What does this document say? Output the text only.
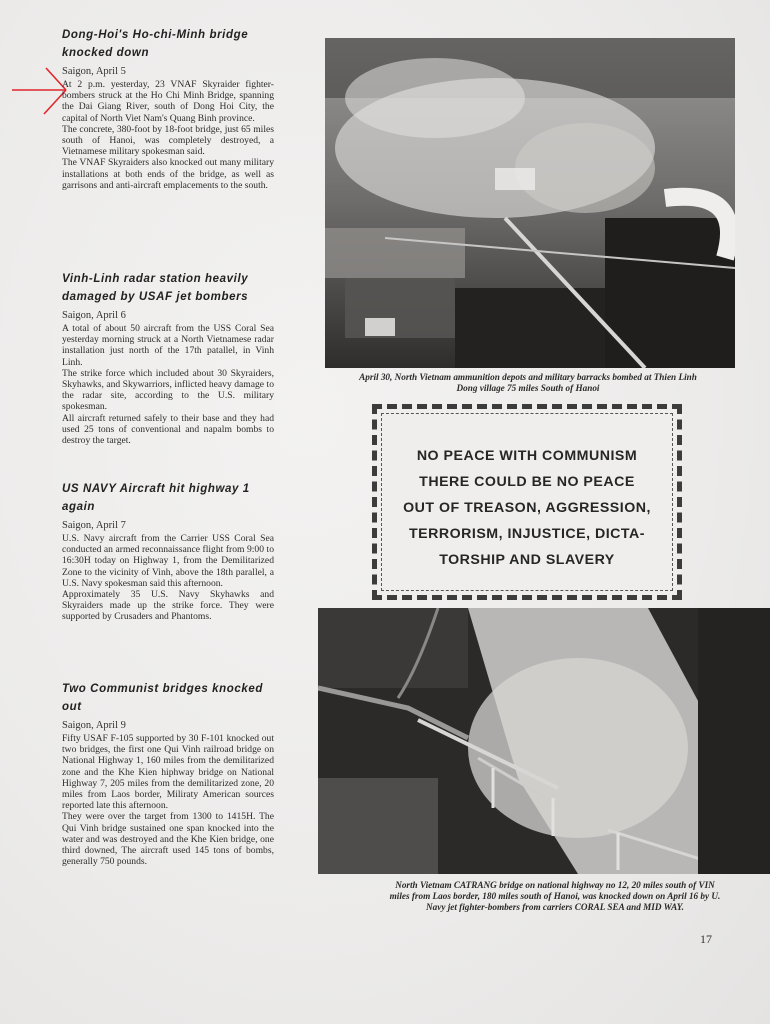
Dong-Hoi's Ho-chi-Minh bridge knocked down

Saigon, April 5

At 2 p.m. yesterday, 23 VNAF Skyraider fighter-bombers struck at the Ho Chi Minh Bridge, spanning the Dai Giang River, south of Dong Hoi City, the capital of North Viet Nam's Quang Binh province.
The concrete, 380-foot by 18-foot bridge, just 65 miles south of Hanoi, was completely destroyed, a Vietnamese military spokesman said.
The VNAF Skyraiders also knocked out many military installations at both ends of the bridge, as well as garrisons and anti-aircraft emplacements to the south.

Vinh-Linh radar station heavily damaged by USAF jet bombers

Saigon, April 6

A total of about 50 aircraft from the USS Coral Sea yesterday morning struck at a North Vietnamese radar installation just north of the 17th patallel, in Vinh Linh.
The strike force which included about 30 Skyraiders, Skyhawks, and Skywarriors, inflicted heavy damage to the radar site, according to the U.S. military spokesman.
All aircraft returned safely to their base and they had used 25 tons of conventional and napalm bombs to destroy the target.

US NAVY Aircraft hit highway 1 again

Saigon, April 7

U.S. Navy aircraft from the Carrier USS Coral Sea conducted an armed reconnaissance flight from 9:00 to 16:30H today on Highway 1, from the Demilitarized Zone to the vicinity of Vinh, above the 18th parallel, a U.S. Navy spokesman said this afternoon.
Approximately 35 U.S. Navy Skyhawks and Skyraiders made up the strike force. They were supported by Crusaders and Phantoms.

Two Communist bridges knocked out

Saigon, April 9

Fifty USAF F-105 supported by 30 F-101 knocked out two bridges, the first one Qui Vinh railroad bridge on National Highway 1, 160 miles from the demilitarized zone and the Khe Kien hiphway bridge on National Highway 7, 205 miles from the demilitarized zone, 20 miles from Laos border, Miliraty American sources reported late this afternoon.
They were over the target from 1300 to 1415H. The Qui Vinh bridge sustained one span knocked into the water and was destroyed and the Khe Kien bridge, one third downed, The aircraft used 145 tons of bombs, generally 750 pounds.

April 30, North Vietnam ammunition depots and military barracks bombed at Thien Linh
Dong village 75 miles South of Hanoi
NO PEACE WITH COMMUNISM
THERE COULD BE NO PEACE
OUT OF TREASON, AGGRESSION,
TERRORISM, INJUSTICE, DICTA-
TORSHIP AND SLAVERY
North Vietnam CATRANG bridge on national highway no 12, 20 miles south of VIN
miles from Laos border, 180 miles south of Hanoi, was knocked down on April 16 by U.
Navy jet fighter-bombers from carriers CORAL SEA and MID WAY.
17
